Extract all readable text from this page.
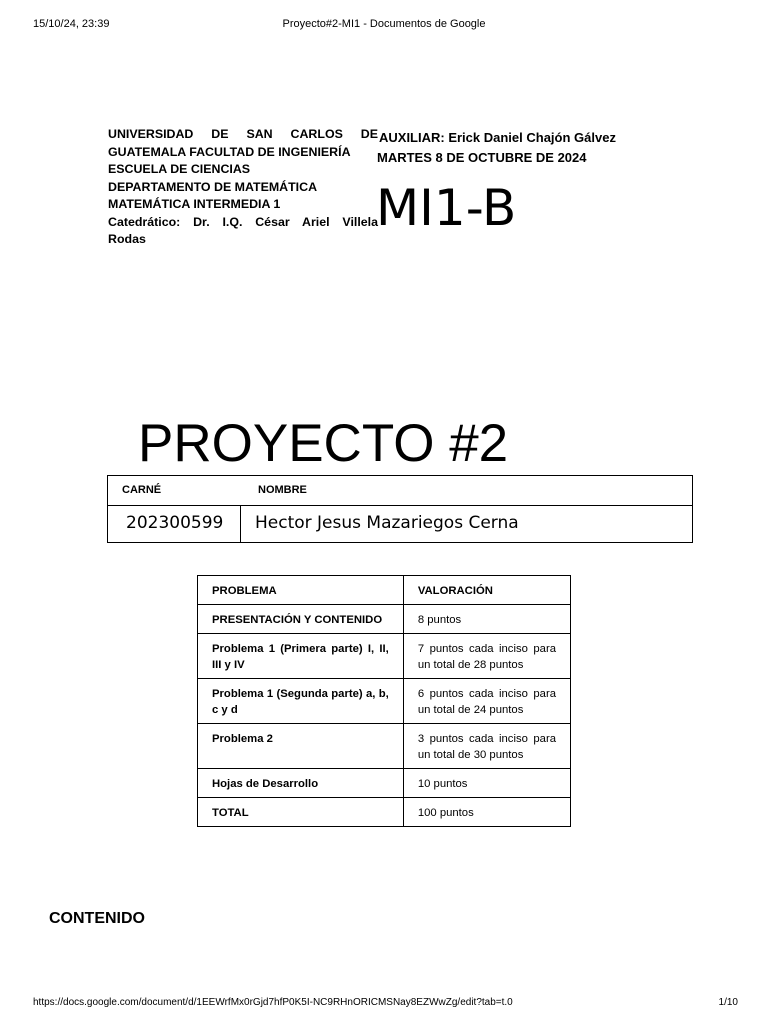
15/10/24, 23:39	Proyecto#2-MI1 - Documentos de Google
UNIVERSIDAD DE SAN CARLOS DE
GUATEMALA FACULTAD DE INGENIERÍA
ESCUELA DE CIENCIAS
DEPARTAMENTO DE MATEMÁTICA
MATEMÁTICA INTERMEDIA 1
Catedrático: Dr. I.Q. César Ariel Villela
Rodas
AUXILIAR: Erick Daniel Chajón Gálvez
MARTES 8 DE OCTUBRE DE 2024
MI1-B
PROYECTO #2
CARNÉ	NOMBRE
202300599 Hector Jesus Mazariegos Cerna
PROBLEMA	VALORACIÓN
PRESENTACIÓN Y CONTENIDO	8 puntos
Problema 1 (Primera parte) I, II, III y IV	7 puntos cada inciso para un total de 28 puntos
Problema 1 (Segunda parte) a, b, c y d	6 puntos cada inciso para un total de 24 puntos
Problema 2	3 puntos cada inciso para un total de 30 puntos
Hojas de Desarrollo	10 puntos
TOTAL	100 puntos
CONTENIDO
https://docs.google.com/document/d/1EEWrfMx0rGjd7hfP0K5I-NC9RHnORICMSNay8EZWwZg/edit?tab=t.0	1/10
